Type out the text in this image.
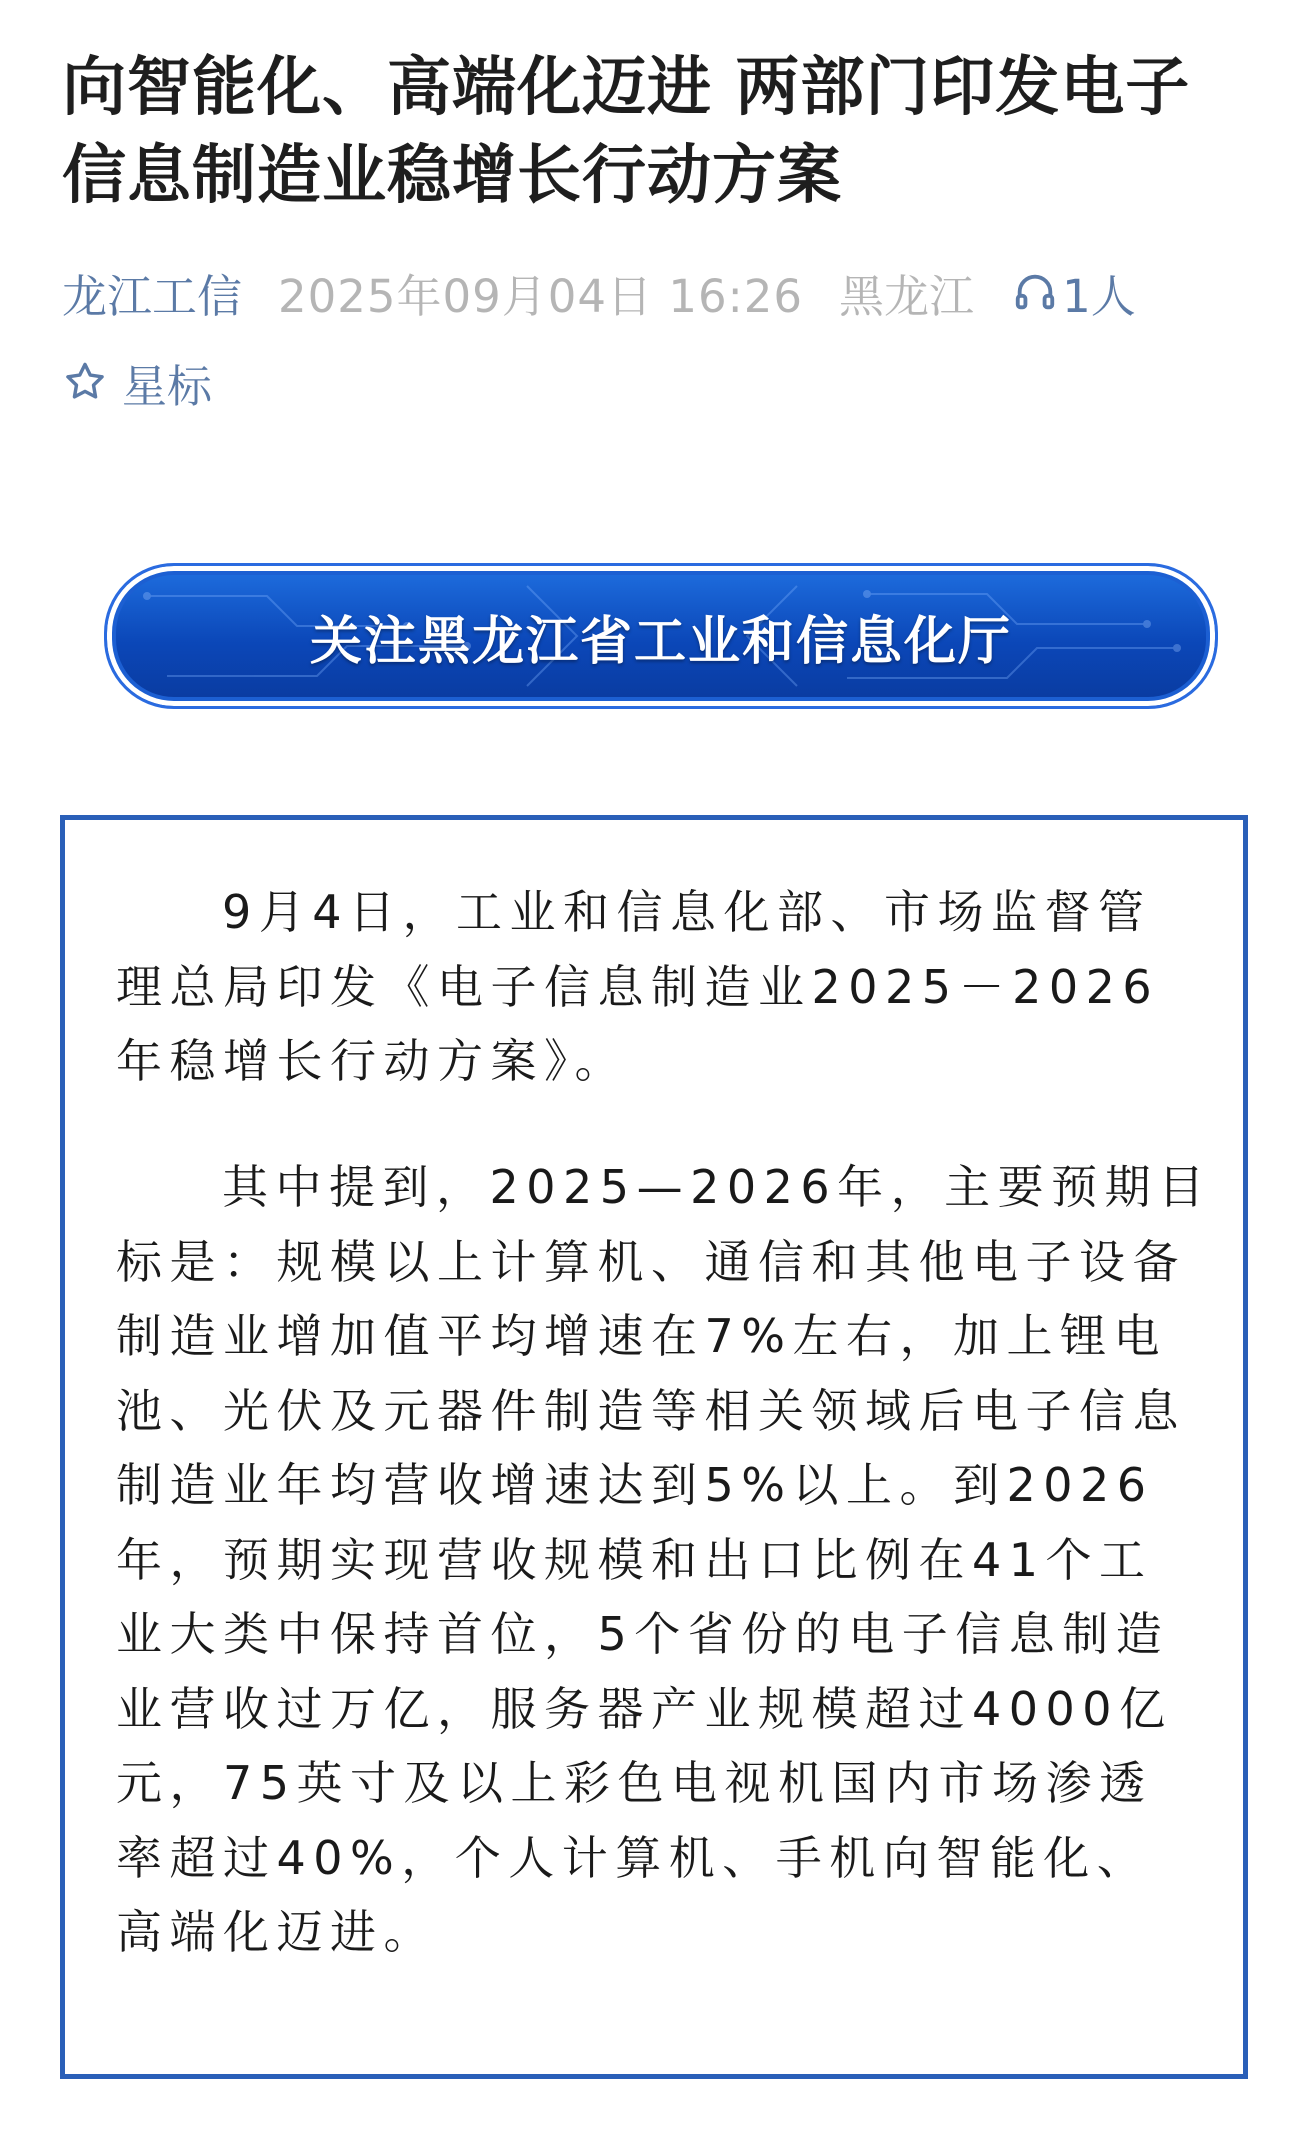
向智能化、高端化迈进 两部门印发电子
信息制造业稳增长行动方案
龙江工信 2025年09月04日 16:26 黑龙江 1人
星标
关注黑龙江省工业和信息化厅
9月4日，工业和信息化部、市场监督管
理总局印发《电子信息制造业2025－2026
年稳增长行动方案》。
其中提到，2025—2026年，主要预期目
标是：规模以上计算机、通信和其他电子设备
制造业增加值平均增速在7%左右，加上锂电
池、光伏及元器件制造等相关领域后电子信息
制造业年均营收增速达到5%以上。到2026
年，预期实现营收规模和出口比例在41个工
业大类中保持首位，5个省份的电子信息制造
业营收过万亿，服务器产业规模超过4000亿
元，75英寸及以上彩色电视机国内市场渗透
率超过40%，个人计算机、手机向智能化、
高端化迈进。
